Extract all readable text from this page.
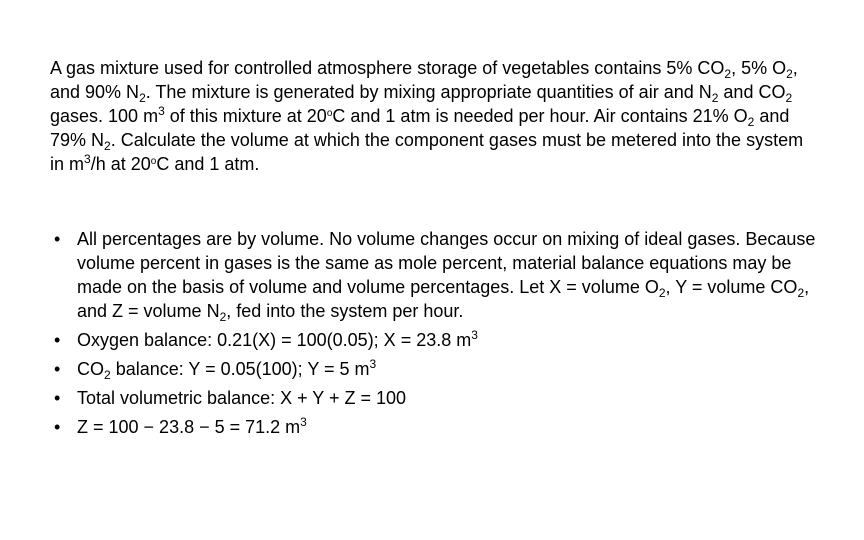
A gas mixture used for controlled atmosphere storage of vegetables contains 5% $CO_2$, 5% $O_2$, and 90% $N_2$. The mixture is generated by mixing appropriate quantities of air and $N_2$ and $CO_2$ gases. 100 $m^3$ of this mixture at 20$^o$C and 1 atm is needed per hour. Air contains 21% $O_2$ and 79% $N_2$. Calculate the volume at which the component gases must be metered into the system in $m^3/h$ at 20$^o$C and 1 atm.

• All percentages are by volume. No volume changes occur on mixing of ideal gases. Because volume percent in gases is the same as mole percent, material balance equations may be made on the basis of volume and volume percentages. Let X = volume $O_2$, Y = volume $CO_2$, and Z = volume $N_2$, fed into the system per hour.
• Oxygen balance: 0.21(X) = 100(0.05); X = 23.8 $m^3$
• $CO_2$ balance: Y = 0.05(100); Y = 5 $m^3$
• Total volumetric balance: X + Y + Z = 100
• Z = 100 − 23.8 − 5 = 71.2 $m^3$
